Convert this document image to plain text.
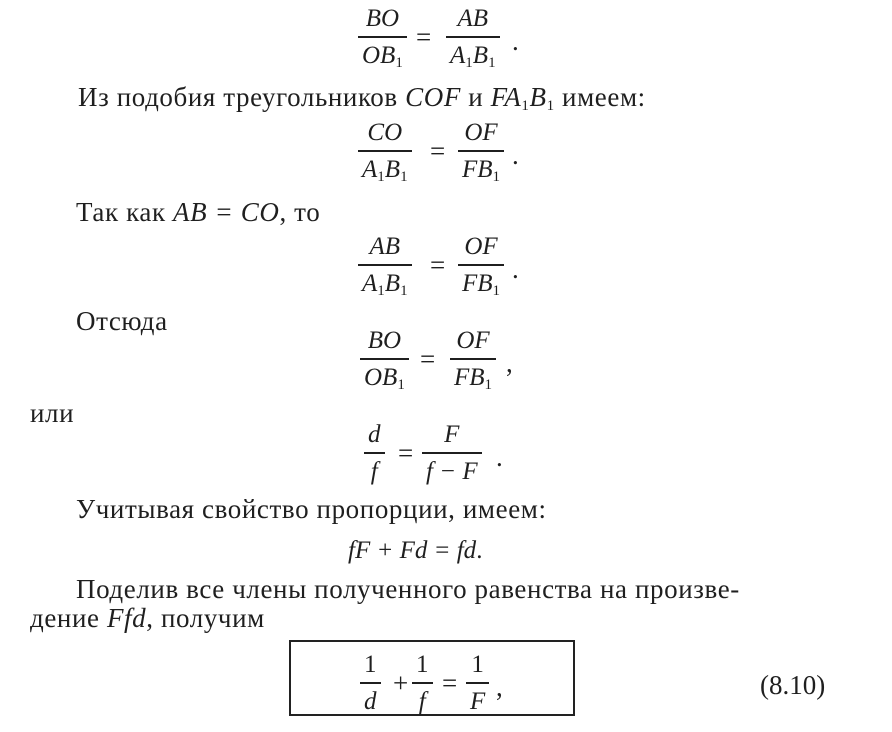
BO
$OB_1$
=
AB
$A_1B_1$
.
Из подобия треугольников COF и $FA_1B_1$ имеем:
CO
$A_1B_1$
=
OF
$FB_1$
.
Так как AB = CO, то
AB
$A_1B_1$
=
OF
$FB_1$
.
Отсюда
BO
$OB_1$
=
OF
$FB_1$
,
или
d
f
=
F
f − F .
Учитывая свойство пропорции, имеем:
fF + Fd = fd.
Поделив все члены полученного равенства на произве-
дение Ffd, получим
1
d
+
1
f
=
1
F ,	(8.10)
